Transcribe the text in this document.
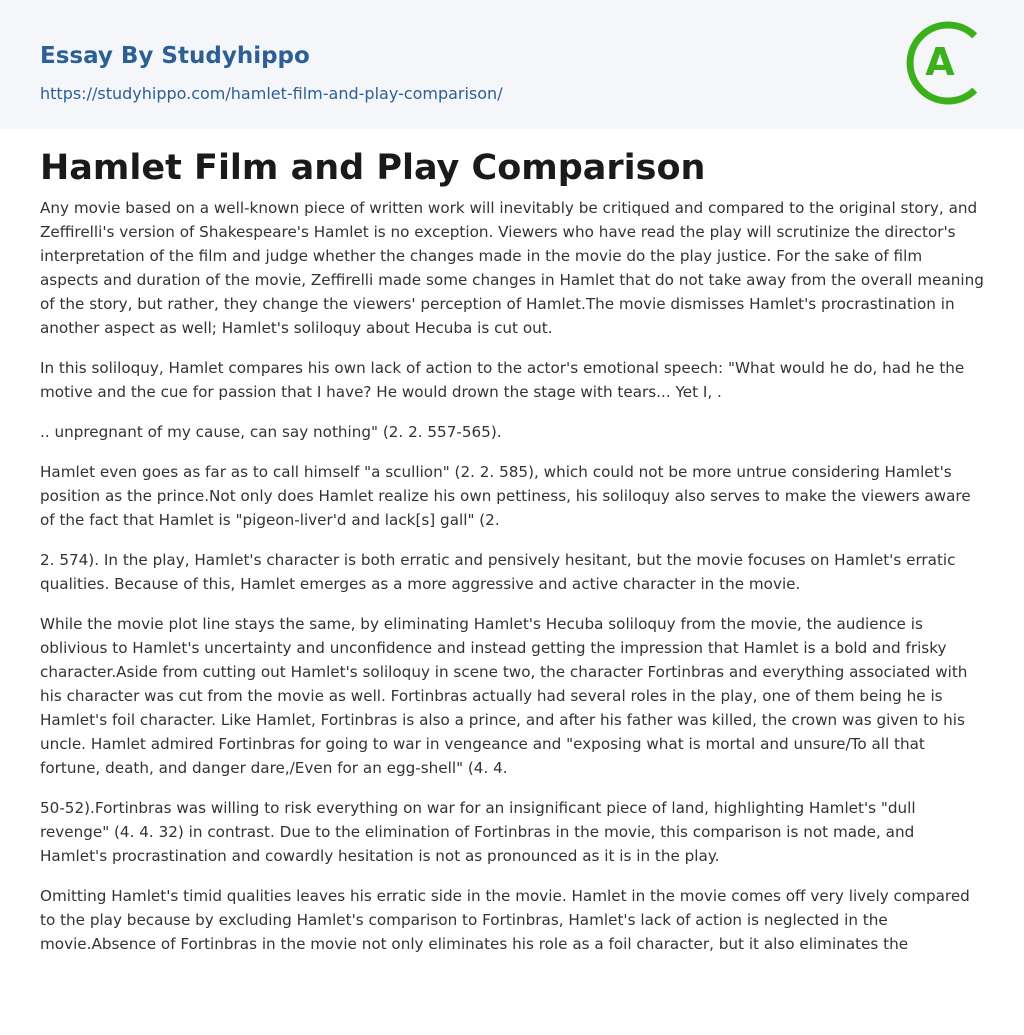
Essay By Studyhippo
https://studyhippo.com/hamlet-film-and-play-comparison/
A
Hamlet Film and Play Comparison

Any movie based on a well-known piece of written work will inevitably be critiqued and compared to the original story, and Zeffirelli's version of Shakespeare's Hamlet is no exception. Viewers who have read the play will scrutinize the director's interpretation of the film and judge whether the changes made in the movie do the play justice. For the sake of film aspects and duration of the movie, Zeffirelli made some changes in Hamlet that do not take away from the overall meaning of the story, but rather, they change the viewers' perception of Hamlet.The movie dismisses Hamlet's procrastination in another aspect as well; Hamlet's soliloquy about Hecuba is cut out.

In this soliloquy, Hamlet compares his own lack of action to the actor's emotional speech: "What would he do, had he the motive and the cue for passion that I have? He would drown the stage with tears... Yet I, .

.. unpregnant of my cause, can say nothing" (2. 2. 557-565).

Hamlet even goes as far as to call himself "a scullion" (2. 2. 585), which could not be more untrue considering Hamlet's position as the prince.Not only does Hamlet realize his own pettiness, his soliloquy also serves to make the viewers aware of the fact that Hamlet is "pigeon-liver'd and lack[s] gall" (2.

2. 574). In the play, Hamlet's character is both erratic and pensively hesitant, but the movie focuses on Hamlet's erratic qualities. Because of this, Hamlet emerges as a more aggressive and active character in the movie.

While the movie plot line stays the same, by eliminating Hamlet's Hecuba soliloquy from the movie, the audience is oblivious to Hamlet's uncertainty and unconfidence and instead getting the impression that Hamlet is a bold and frisky character.Aside from cutting out Hamlet's soliloquy in scene two, the character Fortinbras and everything associated with his character was cut from the movie as well. Fortinbras actually had several roles in the play, one of them being he is Hamlet's foil character. Like Hamlet, Fortinbras is also a prince, and after his father was killed, the crown was given to his uncle. Hamlet admired Fortinbras for going to war in vengeance and "exposing what is mortal and unsure/To all that fortune, death, and danger dare,/Even for an egg-shell" (4. 4.

50-52).Fortinbras was willing to risk everything on war for an insignificant piece of land, highlighting Hamlet's "dull revenge" (4. 4. 32) in contrast. Due to the elimination of Fortinbras in the movie, this comparison is not made, and Hamlet's procrastination and cowardly hesitation is not as pronounced as it is in the play.

Omitting Hamlet's timid qualities leaves his erratic side in the movie. Hamlet in the movie comes off very lively compared to the play because by excluding Hamlet's comparison to Fortinbras, Hamlet's lack of action is neglected in the movie.Absence of Fortinbras in the movie not only eliminates his role as a foil character, but it also eliminates the
